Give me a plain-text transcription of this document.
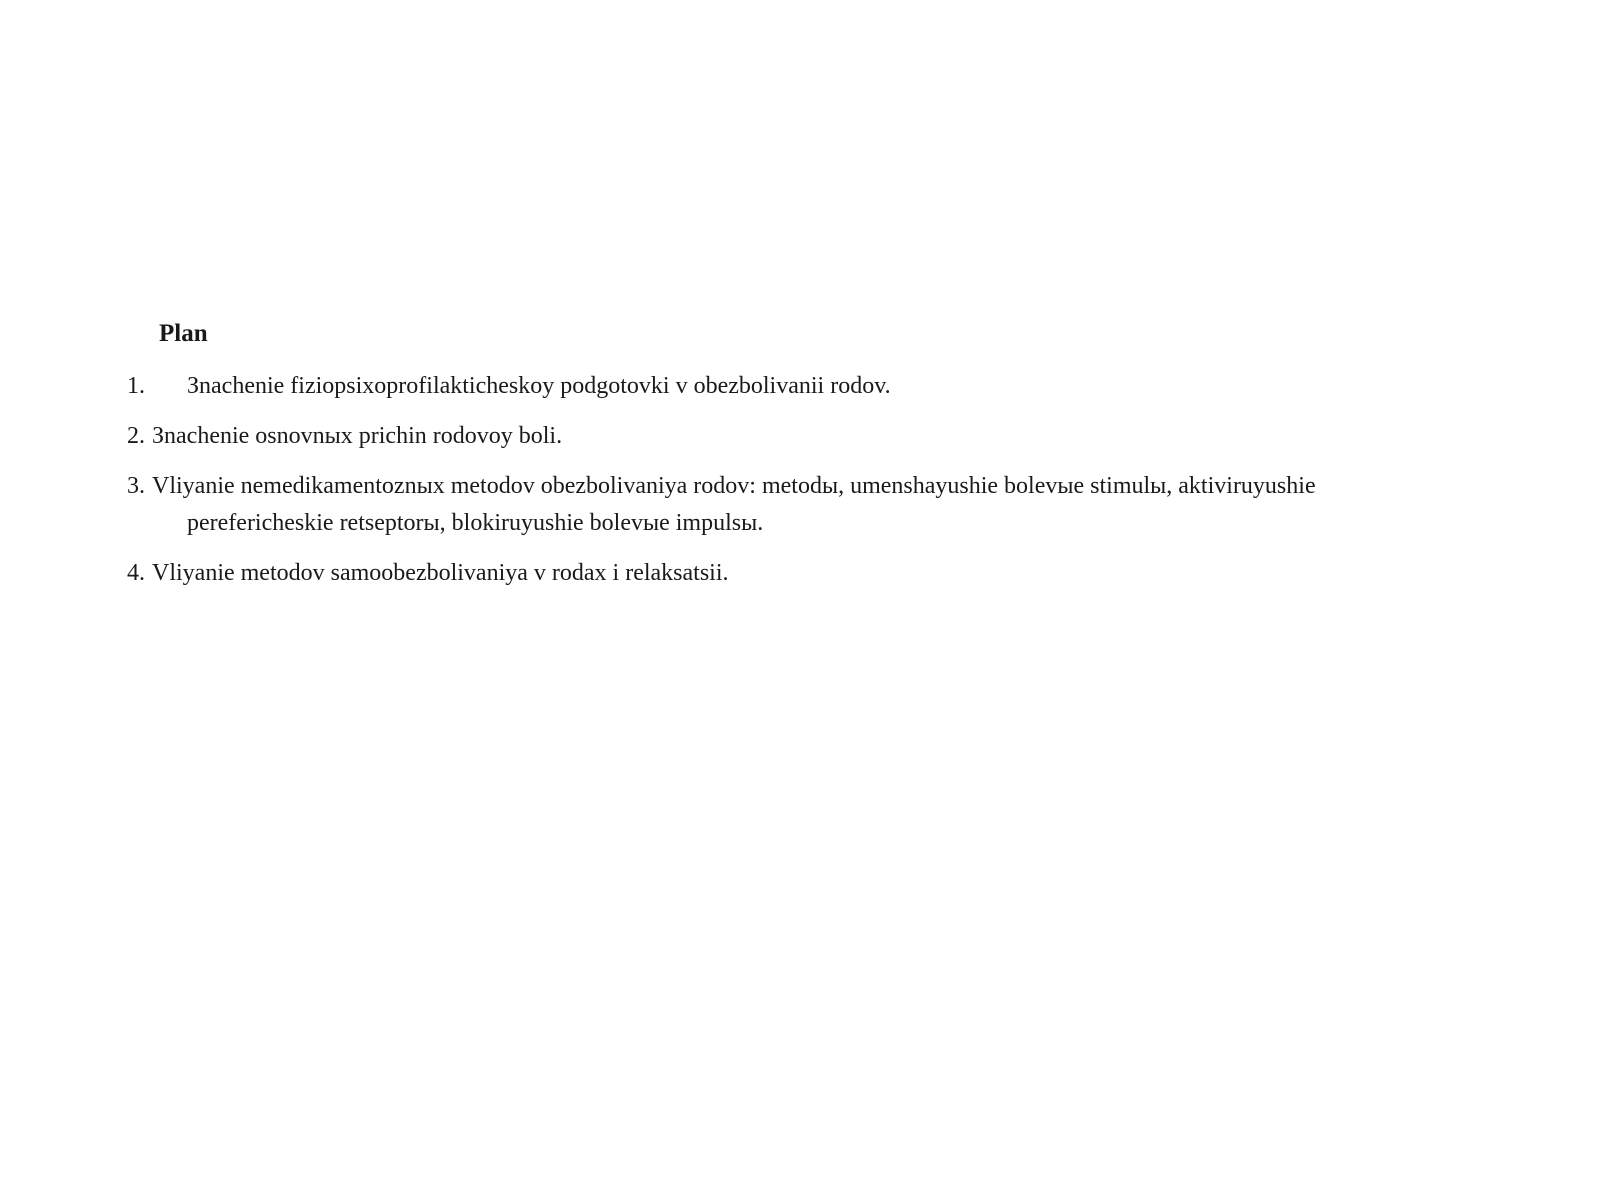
Plan
1. Зnachenie fiziopsixoprofilakticheskoy podgotovki v obezbolivanii rodov.
2. Зnachenie osnovnых prichin rodovoy boli.
3. Vliyanie nemedikamentoznых metodov obezbolivaniya rodov: metodы, umenshayushie bolevыe stimulы, aktiviruyushie pereferіcheskie retseptorы, blokiruyushie bolevыe impulsы.
4. Vliyanie metodov samoobezbolivaniya v rodax i relaksatsii.
